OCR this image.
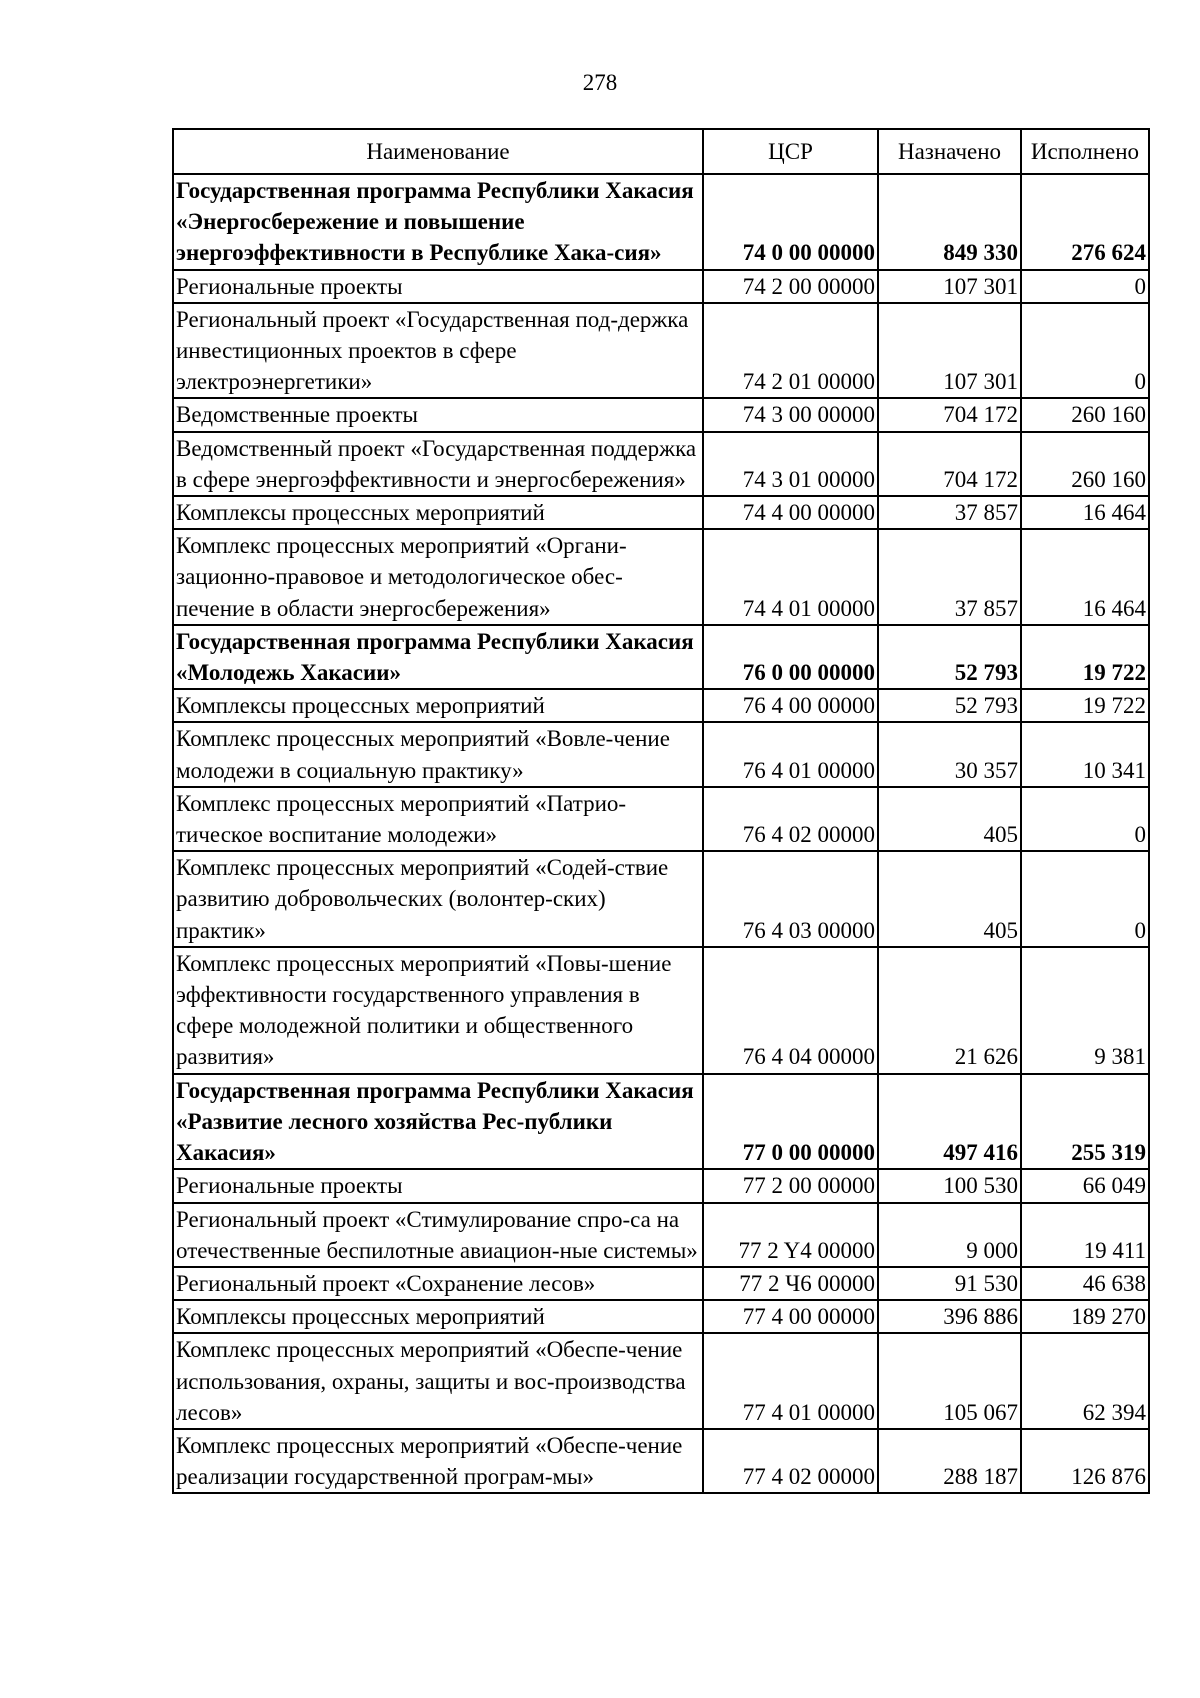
278
Наименование	ЦСР	Назначено	Исполнено
Государственная программа Республики Хакасия «Энергосбережение и повышение энергоэффективности в Республике Хака-сия»	74 0 00 00000	849 330	276 624
Региональные проекты	74 2 00 00000	107 301	0
Региональный проект «Государственная под-держка инвестиционных проектов в сфере электроэнергетики»	74 2 01 00000	107 301	0
Ведомственные проекты	74 3 00 00000	704 172	260 160
Ведомственный проект «Государственная поддержка в сфере энергоэффективности и энергосбережения»	74 3 01 00000	704 172	260 160
Комплексы процессных мероприятий	74 4 00 00000	37 857	16 464
Комплекс процессных мероприятий «Органи-зационно-правовое и методологическое обес-печение в области энергосбережения»	74 4 01 00000	37 857	16 464
Государственная программа Республики Хакасия «Молодежь Хакасии»	76 0 00 00000	52 793	19 722
Комплексы процессных мероприятий	76 4 00 00000	52 793	19 722
Комплекс процессных мероприятий «Вовле-чение молодежи в социальную практику»	76 4 01 00000	30 357	10 341
Комплекс процессных мероприятий «Патрио-тическое воспитание молодежи»	76 4 02 00000	405	0
Комплекс процессных мероприятий «Содей-ствие развитию добровольческих (волонтер-ских) практик»	76 4 03 00000	405	0
Комплекс процессных мероприятий «Повы-шение эффективности государственного управления в сфере молодежной политики и общественного развития»	76 4 04 00000	21 626	9 381
Государственная программа Республики Хакасия «Развитие лесного хозяйства Рес-публики Хакасия»	77 0 00 00000	497 416	255 319
Региональные проекты	77 2 00 00000	100 530	66 049
Региональный проект «Стимулирование спро-са на отечественные беспилотные авиацион-ные системы»	77 2 Y4 00000	9 000	19 411
Региональный проект «Сохранение лесов»	77 2 Ч6 00000	91 530	46 638
Комплексы процессных мероприятий	77 4 00 00000	396 886	189 270
Комплекс процессных мероприятий «Обеспе-чение использования, охраны, защиты и вос-производства лесов»	77 4 01 00000	105 067	62 394
Комплекс процессных мероприятий «Обеспе-чение реализации государственной програм-мы»	77 4 02 00000	288 187	126 876
